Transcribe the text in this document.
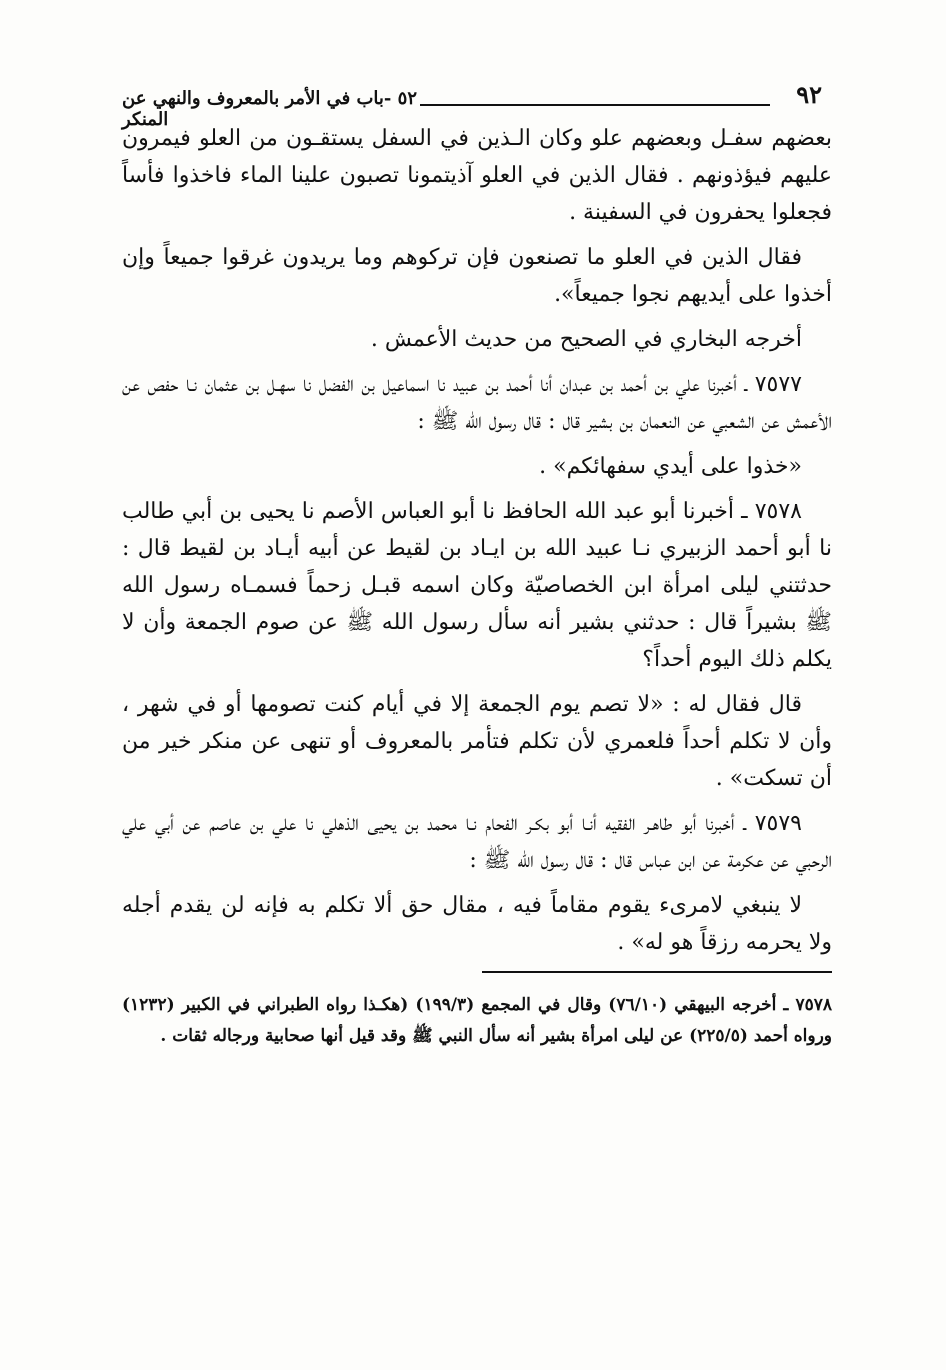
٩٢
٥٢ -باب في الأمر بالمعروف والنهي عن المنكر

بعضهم سفـل وبعضهم علو وكان الـذين في السفل يستقـون من العلو فيمرون عليهم فيؤذونهم . فقال الذين في العلو آذيتمونا تصبون علينا الماء فاخذوا فأساً فجعلوا يحفرون في السفينة .

فقال الذين في العلو ما تصنعون فإن تركوهم وما يريدون غرقوا جميعاً وإن أخذوا على أيديهم نجوا جميعاً».

أخرجه البخاري في الصحيح من حديث الأعمش .

٧٥٧٧ ـ أخبرنا علي بن أحمد بن عبدان أنا أحمد بن عبيد نا اسماعيل بن الفضل نا سهـل بن عثمان نـا حفص عن الأعمش عن الشعبي عن النعمان بن بشير قال : قال رسول الله ﷺ :

«خذوا على أيدي سفهائكم» .

٧٥٧٨ ـ أخبرنا أبو عبد الله الحافظ نا أبو العباس الأصم نا يحيى بن أبي طالب نا أبو أحمد الزبيري نـا عبيد الله بن ايـاد بن لقيط عن أبيه أيـاد بن لقيط قال : حدثتني ليلى امرأة ابن الخصاصيّة وكان اسمه قبـل زحماً فسمـاه رسول الله ﷺ بشيراً قال : حدثني بشير أنه سأل رسول الله ﷺ عن صوم الجمعة وأن لا يكلم ذلك اليوم أحداً؟

قال فقال له : «لا تصم يوم الجمعة إلا في أيام كنت تصومها أو في شهر ، وأن لا تكلم أحداً فلعمري لأن تكلم فتأمر بالمعروف أو تنهى عن منكر خير من أن تسكت» .

٧٥٧٩ ـ أخبرنا أبو طاهـر الفقيه أنـا أبو بكـر الفحام نـا محمد بن يحيى الذهلي نا علي بن عاصم عن أبي علي الرحبي عن عكرمة عن ابن عباس قال : قال رسول الله ﷺ :

لا ينبغي لامرىء يقوم مقاماً فيه ، مقال حق ألا تكلم به فإنه لن يقدم أجله ولا يحرمه رزقاً هو له» .

٧٥٧٨ ـ أخرجه البيهقي (٧٦/١٠) وقال في المجمع (١٩٩/٣) (هكـذا رواه الطبراني في الكبير (١٢٣٢) ورواه أحمد (٢٢٥/٥) عن ليلى امرأة بشير أنه سأل النبي ﷺ وقد قيل أنها صحابية ورجاله ثقات .
